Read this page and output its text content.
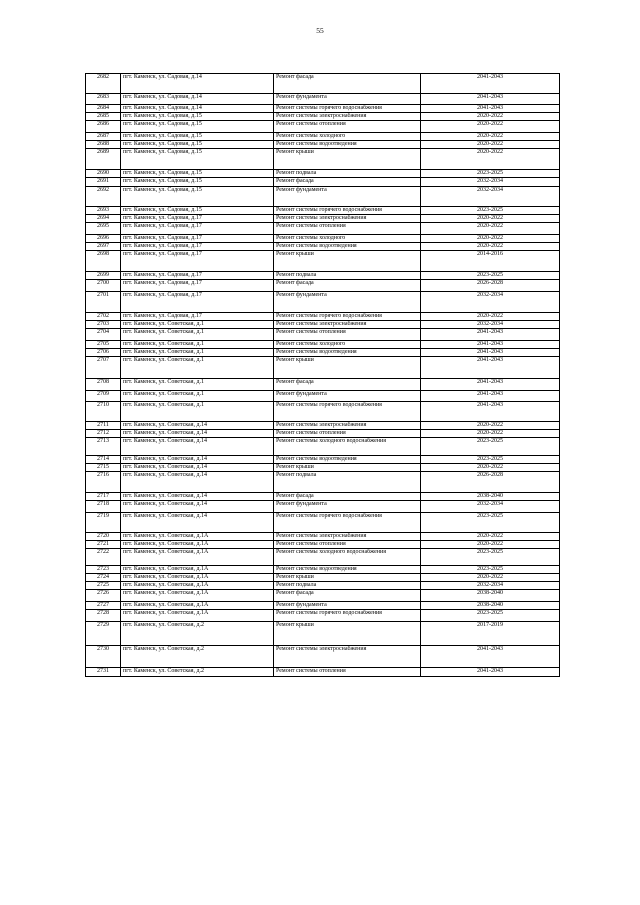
55
2682	пгт. Каменск, ул. Садовая, д.14	Ремонт фасада	2041-2043
2683	пгт. Каменск, ул. Садовая, д.14	Ремонт фундамента	2041-2043
2684	пгт. Каменск, ул. Садовая, д.14	Ремонт системы горячего водоснабжения	2041-2043
2685	пгт. Каменск, ул. Садовая, д.15	Ремонт системы электроснабжения	2020-2022
2686	пгт. Каменск, ул. Садовая, д.15	Ремонт системы отопления	2020-2022
2687	пгт. Каменск, ул. Садовая, д.15	Ремонт системы холодного	2020-2022
2688	пгт. Каменск, ул. Садовая, д.15	Ремонт системы водоотведения	2020-2022
2689	пгт. Каменск, ул. Садовая, д.15	Ремонт крыши	2020-2022
2690	пгт. Каменск, ул. Садовая, д.15	Ремонт подвала	2023-2025
2691	пгт. Каменск, ул. Садовая, д.15	Ремонт фасада	2032-2034
2692	пгт. Каменск, ул. Садовая, д.15	Ремонт фундамента	2032-2034
2693	пгт. Каменск, ул. Садовая, д.15	Ремонт системы горячего водоснабжения	2023-2025
2694	пгт. Каменск, ул. Садовая, д.17	Ремонт системы электроснабжения	2020-2022
2695	пгт. Каменск, ул. Садовая, д.17	Ремонт системы отопления	2020-2022
2696	пгт. Каменск, ул. Садовая, д.17	Ремонт системы холодного	2020-2022
2697	пгт. Каменск, ул. Садовая, д.17	Ремонт системы водоотведения	2020-2022
2698	пгт. Каменск, ул. Садовая, д.17	Ремонт крыши	2014-2016
2699	пгт. Каменск, ул. Садовая, д.17	Ремонт подвала	2023-2025
2700	пгт. Каменск, ул. Садовая, д.17	Ремонт фасада	2026-2028
2701	пгт. Каменск, ул. Садовая, д.17	Ремонт фундамента	2032-2034
2702	пгт. Каменск, ул. Садовая, д.17	Ремонт системы горячего водоснабжения	2020-2022
2703	пгт. Каменск, ул. Советская, д.1	Ремонт системы электроснабжения	2032-2034
2704	пгт. Каменск, ул. Советская, д.1	Ремонт системы отопления	2041-2043
2705	пгт. Каменск, ул. Советская, д.1	Ремонт системы холодного	2041-2043
2706	пгт. Каменск, ул. Советская, д.1	Ремонт системы водоотведения	2041-2043
2707	пгт. Каменск, ул. Советская, д.1	Ремонт крыши	2041-2043
2708	пгт. Каменск, ул. Советская, д.1	Ремонт фасада	2041-2043
2709	пгт. Каменск, ул. Советская, д.1	Ремонт фундамента	2041-2043
2710	пгт. Каменск, ул. Советская, д.1	Ремонт системы горячего водоснабжения	2041-2043
2711	пгт. Каменск, ул. Советская, д.14	Ремонт системы электроснабжения	2020-2022
2712	пгт. Каменск, ул. Советская, д.14	Ремонт системы отопления	2020-2022
2713	пгт. Каменск, ул. Советская, д.14	Ремонт системы холодного водоснабжения	2023-2025
2714	пгт. Каменск, ул. Советская, д.14	Ремонт системы водоотведения	2023-2025
2715	пгт. Каменск, ул. Советская, д.14	Ремонт крыши	2020-2022
2716	пгт. Каменск, ул. Советская, д.14	Ремонт подвала	2026-2028
2717	пгт. Каменск, ул. Советская, д.14	Ремонт фасада	2038-2040
2718	пгт. Каменск, ул. Советская, д.14	Ремонт фундамента	2032-2034
2719	пгт. Каменск, ул. Советская, д.14	Ремонт системы горячего водоснабжения	2023-2025
2720	пгт. Каменск, ул. Советская, д.1А	Ремонт системы электроснабжения	2020-2022
2721	пгт. Каменск, ул. Советская, д.1А	Ремонт системы отопления	2020-2022
2722	пгт. Каменск, ул. Советская, д.1А	Ремонт системы холодного водоснабжения	2023-2025
2723	пгт. Каменск, ул. Советская, д.1А	Ремонт системы водоотведения	2023-2025
2724	пгт. Каменск, ул. Советская, д.1А	Ремонт крыши	2020-2022
2725	пгт. Каменск, ул. Советская, д.1А	Ремонт подвала	2032-2034
2726	пгт. Каменск, ул. Советская, д.1А	Ремонт фасада	2038-2040
2727	пгт. Каменск, ул. Советская, д.1А	Ремонт фундамента	2038-2040
2728	пгт. Каменск, ул. Советская, д.1А	Ремонт системы горячего водоснабжения	2023-2025
2729	пгт. Каменск, ул. Советская, д.2	Ремонт крыши	2017-2019
2730	пгт. Каменск, ул. Советская, д.2	Ремонт системы электроснабжения	2041-2043
2731	пгт. Каменск, ул. Советская, д.2	Ремонт системы отопления	2041-2043
